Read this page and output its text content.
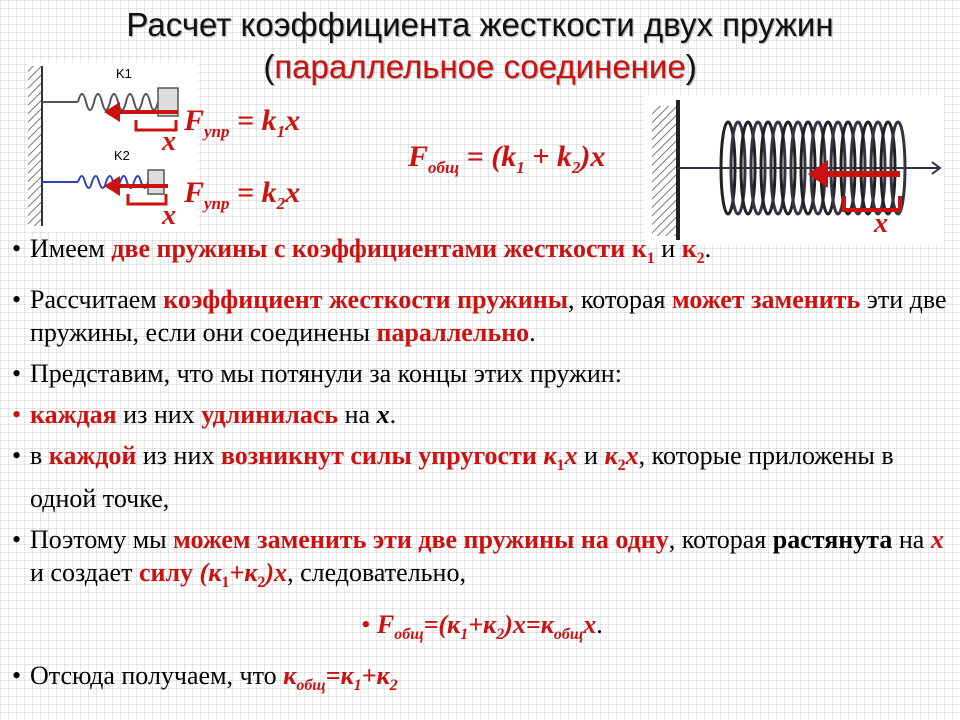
Расчет коэффициента жесткости двух пружин
(параллельное соединение)
K1
K2 x
x
$F_{упр} = k_1x$
$F_{упр} = k_2x$
$F_{общ} = (k_1 + k_2)x$
x
• Имеем две пружины с коэффициентами жесткости $к_1$ и $к_2$.
• Рассчитаем коэффициент жесткости пружины, которая может заменить эти две пружины, если они соединены параллельно.
• Представим, что мы потянули за концы этих пружин:
• каждая из них удлинилась на x.
• в каждой из них возникнут силы упругости $к_1x$ и $к_2x$, которые приложены в одной точке,
• Поэтому мы можем заменить эти две пружины на одну, которая растянута на x и создает силу $(к_1+к_2)x$, следовательно,
• $F_{общ}=(к_1+к_2)x=к_{общ}x$.
• Отсюда получаем, что $к_{общ}=к_1+к_2$
